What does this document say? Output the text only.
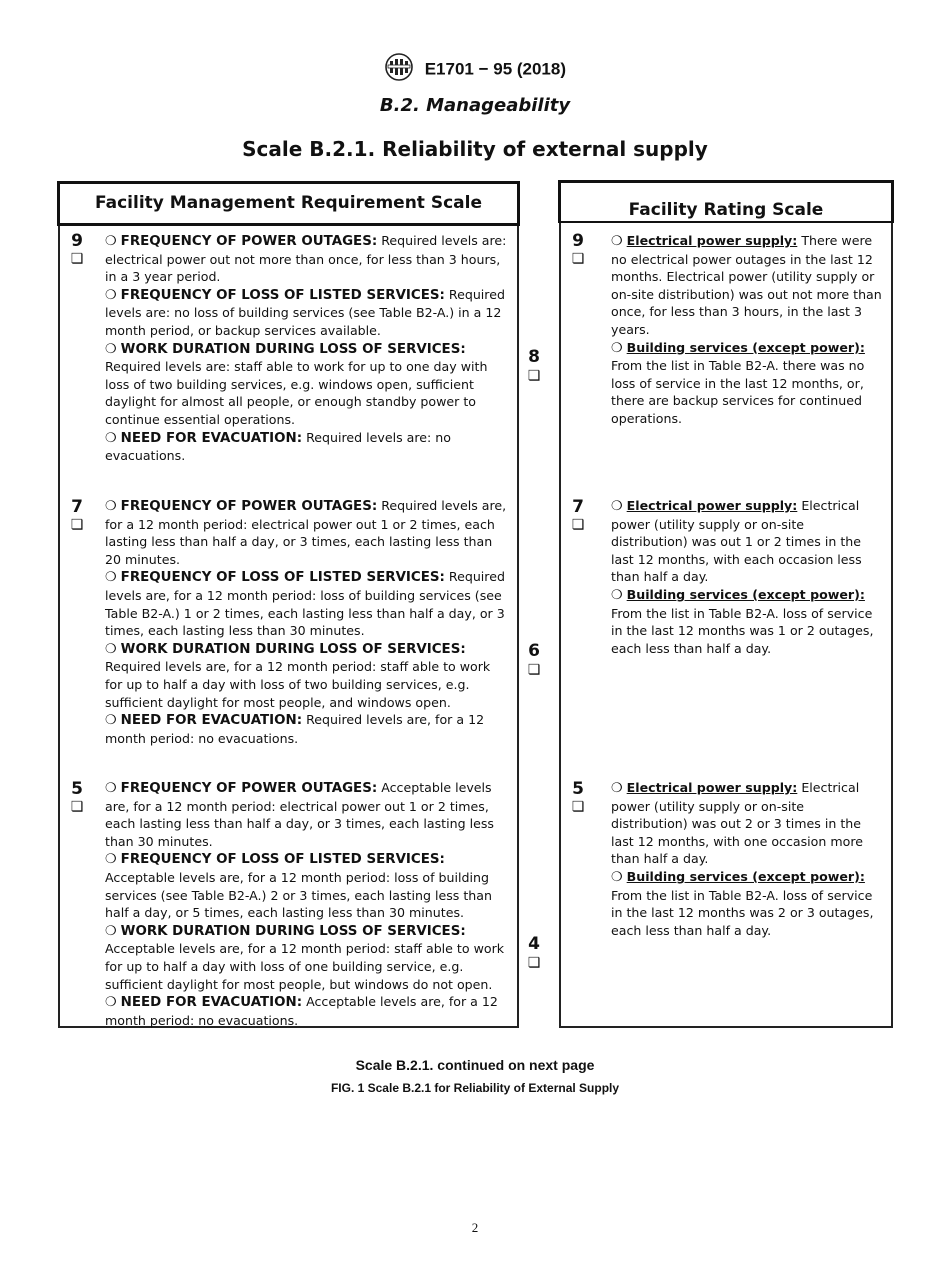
E1701 − 95 (2018)
B.2. Manageability
Scale B.2.1. Reliability of external supply
Facility Management Requirement Scale	Facility Rating Scale
9
❏

❍ FREQUENCY OF POWER OUTAGES: Required levels are: electrical power out not more than once, for less than 3 hours, in a 3 year period.

❍ FREQUENCY OF LOSS OF LISTED SERVICES: Required levels are: no loss of building services (see Table B2-A.) in a 12 month period, or backup services available.

❍ WORK DURATION DURING LOSS OF SERVICES: Required levels are: staff able to work for up to one day with loss of two building services, e.g. windows open, sufficient daylight for almost all people, or enough standby power to continue essential operations.

❍ NEED FOR EVACUATION: Required levels are: no evacuations.

7
❏

❍ FREQUENCY OF POWER OUTAGES: Required levels are, for a 12 month period: electrical power out 1 or 2 times, each lasting less than half a day, or 3 times, each lasting less than 20 minutes.

❍ FREQUENCY OF LOSS OF LISTED SERVICES: Required levels are, for a 12 month period: loss of building services (see Table B2-A.) 1 or 2 times, each lasting less than half a day, or 3 times, each lasting less than 30 minutes.

❍ WORK DURATION DURING LOSS OF SERVICES: Required levels are, for a 12 month period: staff able to work for up to half a day with loss of two building services, e.g. sufficient daylight for most people, and windows open.

❍ NEED FOR EVACUATION: Required levels are, for a 12 month period: no evacuations.

5
❏

❍ FREQUENCY OF POWER OUTAGES: Acceptable levels are, for a 12 month period: electrical power out 1 or 2 times, each lasting less than half a day, or 3 times, each lasting less than 30 minutes.

❍ FREQUENCY OF LOSS OF LISTED SERVICES: Acceptable levels are, for a 12 month period: loss of building services (see Table B2-A.) 2 or 3 times, each lasting less than half a day, or 5 times, each lasting less than 30 minutes.

❍ WORK DURATION DURING LOSS OF SERVICES: Acceptable levels are, for a 12 month period: staff able to work for up to half a day with loss of one building service, e.g. sufficient daylight for most people, but windows do not open.

❍ NEED FOR EVACUATION: Acceptable levels are, for a 12 month period: no evacuations.

8
❏
6
❏
4
❏
9
❏

❍ Electrical power supply: There were no electrical power outages in the last 12 months. Electrical power (utility supply or on-site distribution) was out not more than once, for less than 3 hours, in the last 3 years.

❍ Building services (except power): From the list in Table B2-A. there was no loss of service in the last 12 months, or, there are backup services for continued operations.

7
❏

❍ Electrical power supply: Electrical power (utility supply or on-site distribution) was out 1 or 2 times in the last 12 months, with each occasion less than half a day.

❍ Building services (except power): From the list in Table B2-A. loss of service in the last 12 months was 1 or 2 outages, each less than half a day.

5
❏

❍ Electrical power supply: Electrical power (utility supply or on-site distribution) was out 2 or 3 times in the last 12 months, with one occasion more than half a day.

❍ Building services (except power): From the list in Table B2-A. loss of service in the last 12 months was 2 or 3 outages, each less than half a day.

Scale B.2.1. continued on next page
FIG. 1 Scale B.2.1 for Reliability of External Supply
2
